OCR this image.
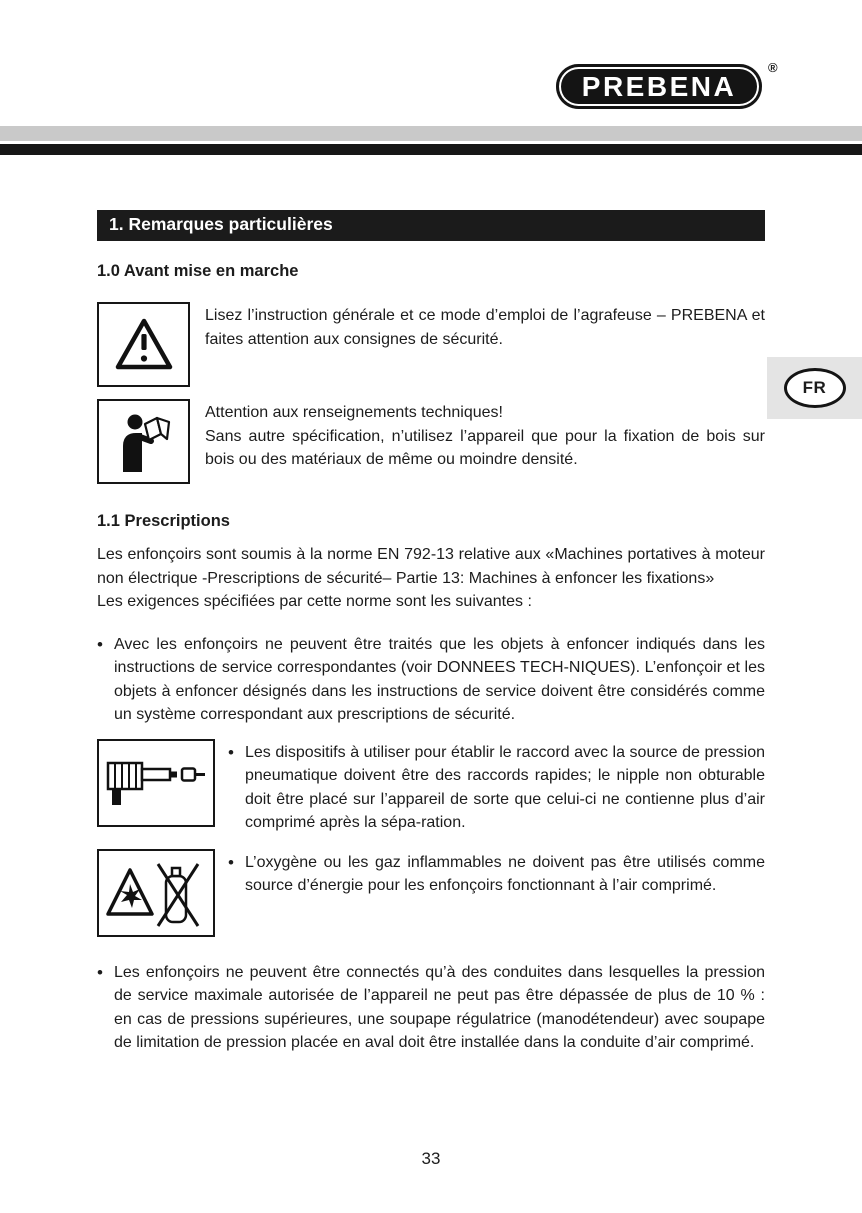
PREBENA
®
FR
1. Remarques particulières
1.0 Avant mise en marche

Lisez l’instruction générale et ce mode d’emploi de l’agrafeuse – PREBENA et faites attention aux consignes de sécurité.

Attention aux renseignements techniques!

Sans autre spécification, n’utilisez l’appareil que pour la fixation de bois sur bois ou des matériaux de même ou moindre densité.

1.1 Prescriptions

Les enfonçoirs sont soumis à la norme EN 792-13 relative aux «Machines portatives à moteur non électrique -Prescriptions de sécurité– Partie 13: Machines à enfoncer les fixations»

Les exigences spécifiées par cette norme sont les suivantes :

• Avec les enfonçoirs ne peuvent être traités que les objets à enfoncer indiqués dans les instructions de service correspondantes (voir DONNEES TECH-NIQUES). L’enfonçoir et les objets à enfoncer désignés dans les instructions de service doivent être considérés comme un système correspondant aux prescriptions de sécurité.

• Les dispositifs à utiliser pour établir le raccord avec la source de pression pneumatique doivent être des raccords rapides; le nipple non obturable doit être placé sur l’appareil de sorte que celui-ci ne contienne plus d’air comprimé après la sépa-ration.

• L’oxygène ou les gaz inflammables ne doivent pas être utilisés comme source d’énergie pour les enfonçoirs fonctionnant à l’air comprimé.

• Les enfonçoirs ne peuvent être connectés qu’à des conduites dans lesquelles la pression de service maximale autorisée de l’appareil ne peut pas être dépassée de plus de 10 % : en cas de pressions supérieures, une soupape régulatrice (manodétendeur) avec soupape de limitation de pression placée en aval doit être installée dans la conduite d’air comprimé.

33
